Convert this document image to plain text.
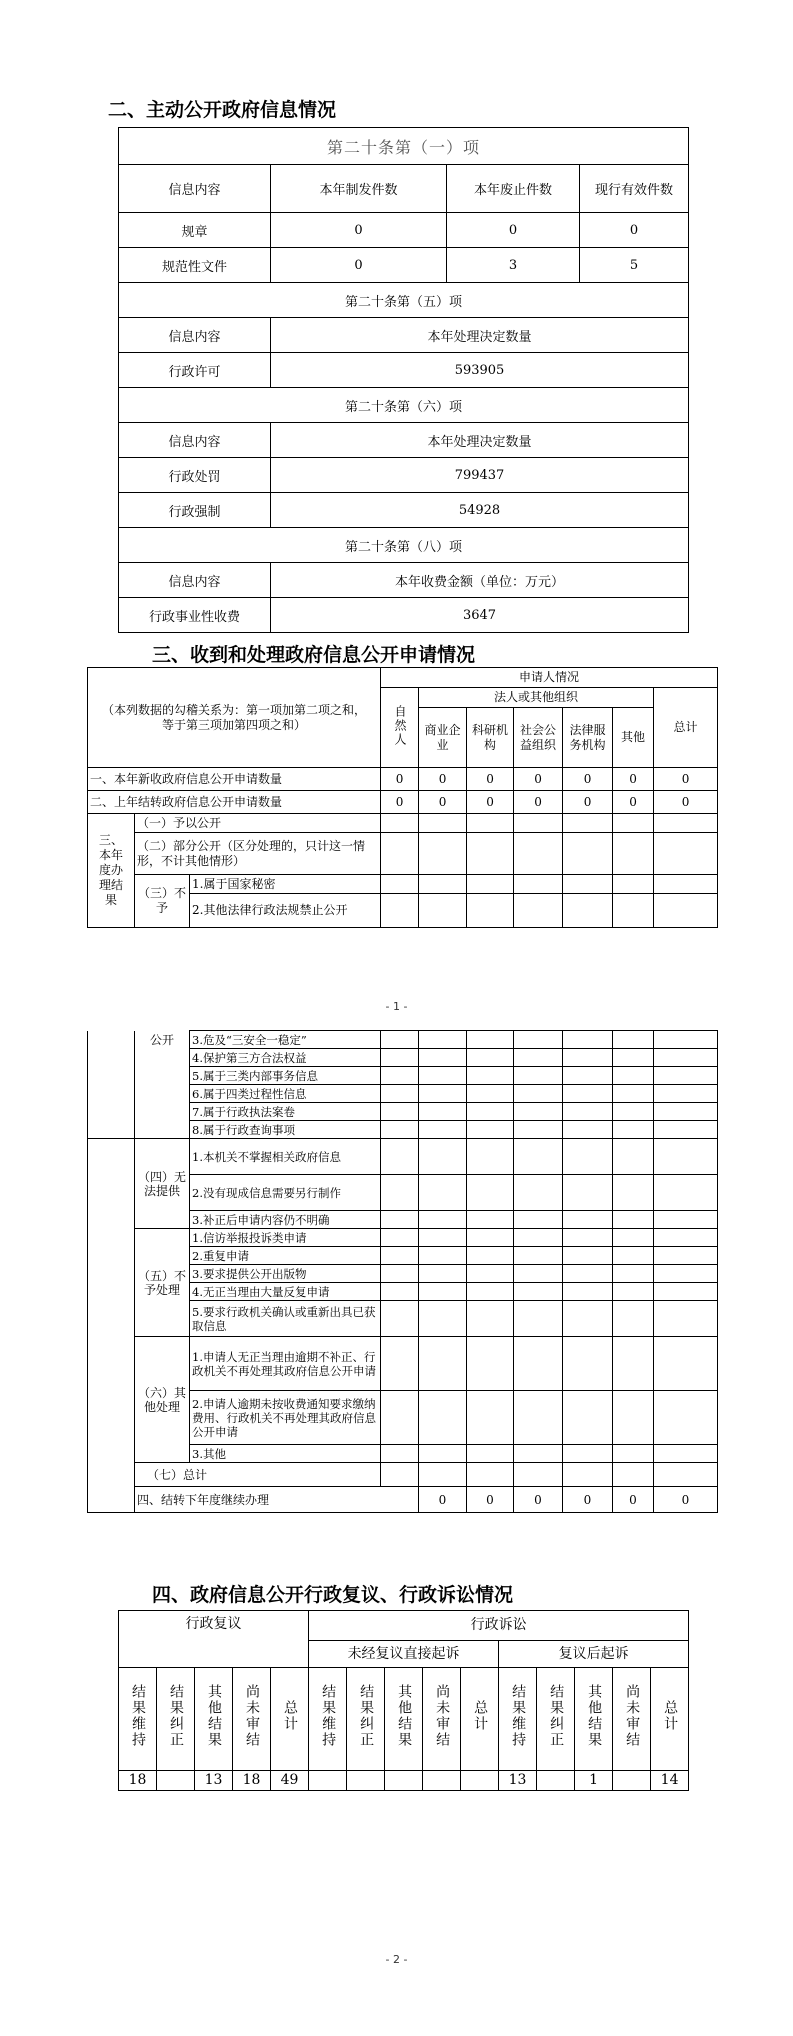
二、主动公开政府信息情况
第二十条第（一）项			
信息内容	本年制发件数	本年废止件数	现行有效件数
规章	0	0	0
规范性文件	0	3	5
第二十条第（五）项			
信息内容	本年处理决定数量		
行政许可	593905		
第二十条第（六）项			
信息内容	本年处理决定数量		
行政处罚	799437		
行政强制	54928		
第二十条第（八）项			
信息内容	本年收费金额（单位：万元）		
行政事业性收费	3647		
三、收到和处理政府信息公开申请情况
（本列数据的勾稽关系为：第一项加第二项之和，等于第三项加第四项之和）			申请人情况						
			自然人	法人或其他组织					总计
				商业企业	科研机构	社会公益组织	法律服务机构	其他	
一、本年新收政府信息公开申请数量			0	0	0	0	0	0	0
二、上年结转政府信息公开申请数量			0	0	0	0	0	0	0
三、本年度办理结果	（一）予以公开								
	（二）部分公开（区分处理的，只计这一情形，不计其他情形）								
	（三）不予	1.属于国家秘密							
		2.其他法律行政法规禁止公开							
- 1 -
	公开	3.危及“三安全一稳定”								
		4.保护第三方合法权益								
		5.属于三类内部事务信息								
		6.属于四类过程性信息								
		7.属于行政执法案卷								
		8.属于行政查询事项								
	（四）无法提供	1.本机关不掌握相关政府信息								
		2.没有现成信息需要另行制作								
		3.补正后申请内容仍不明确								
	（五）不予处理	1.信访举报投诉类申请								
		2.重复申请								
		3.要求提供公开出版物								
		4.无正当理由大量反复申请								
		5.要求行政机关确认或重新出具已获取信息								
	（六）其他处理	1.申请人无正当理由逾期不补正、行政机关不再处理其政府信息公开申请								
		2.申请人逾期未按收费通知要求缴纳费用、行政机关不再处理其政府信息公开申请								
		3.其他								
	（七）总计									
	四、结转下年度继续办理			0	0	0	0	0	0	
四、政府信息公开行政复议、行政诉讼情况
行政复议					行政诉讼									
					未经复议直接起诉					复议后起诉				
结果维持	结果纠正	其他结果	尚未审结	总计	结果维持	结果纠正	其他结果	尚未审结	总计	结果维持	结果纠正	其他结果	尚未审结	总计
18		13	18	49						13		1		14
- 2 -
